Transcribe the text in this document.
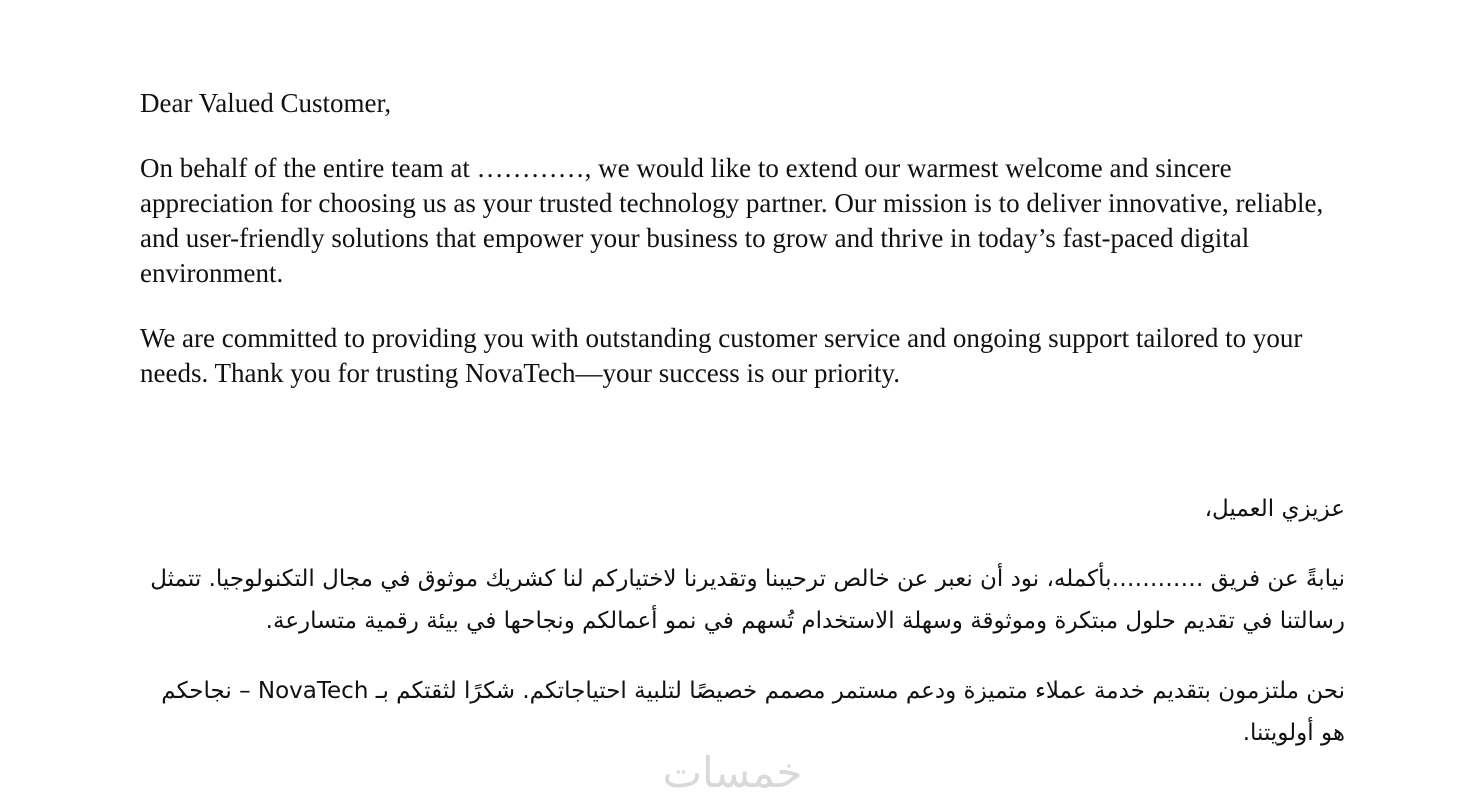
Dear Valued Customer,

On behalf of the entire team at …………, we would like to extend our warmest welcome and sincere appreciation for choosing us as your trusted technology partner. Our mission is to deliver innovative, reliable, and user-friendly solutions that empower your business to grow and thrive in today’s fast-paced digital environment.

We are committed to providing you with outstanding customer service and ongoing support tailored to your needs. Thank you for trusting NovaTech—your success is our priority.

عزيزي العميل،

نيابةً عن فريق …………بأكمله، نود أن نعبر عن خالص ترحيبنا وتقديرنا لاختياركم لنا كشريك موثوق في مجال التكنولوجيا. تتمثل رسالتنا في تقديم حلول مبتكرة وموثوقة وسهلة الاستخدام تُسهم في نمو أعمالكم ونجاحها في بيئة رقمية متسارعة.

نحن ملتزمون بتقديم خدمة عملاء متميزة ودعم مستمر مصمم خصيصًا لتلبية احتياجاتكم. شكرًا لثقتكم بـ NovaTech – نجاحكم هو أولويتنا.

خمسات
